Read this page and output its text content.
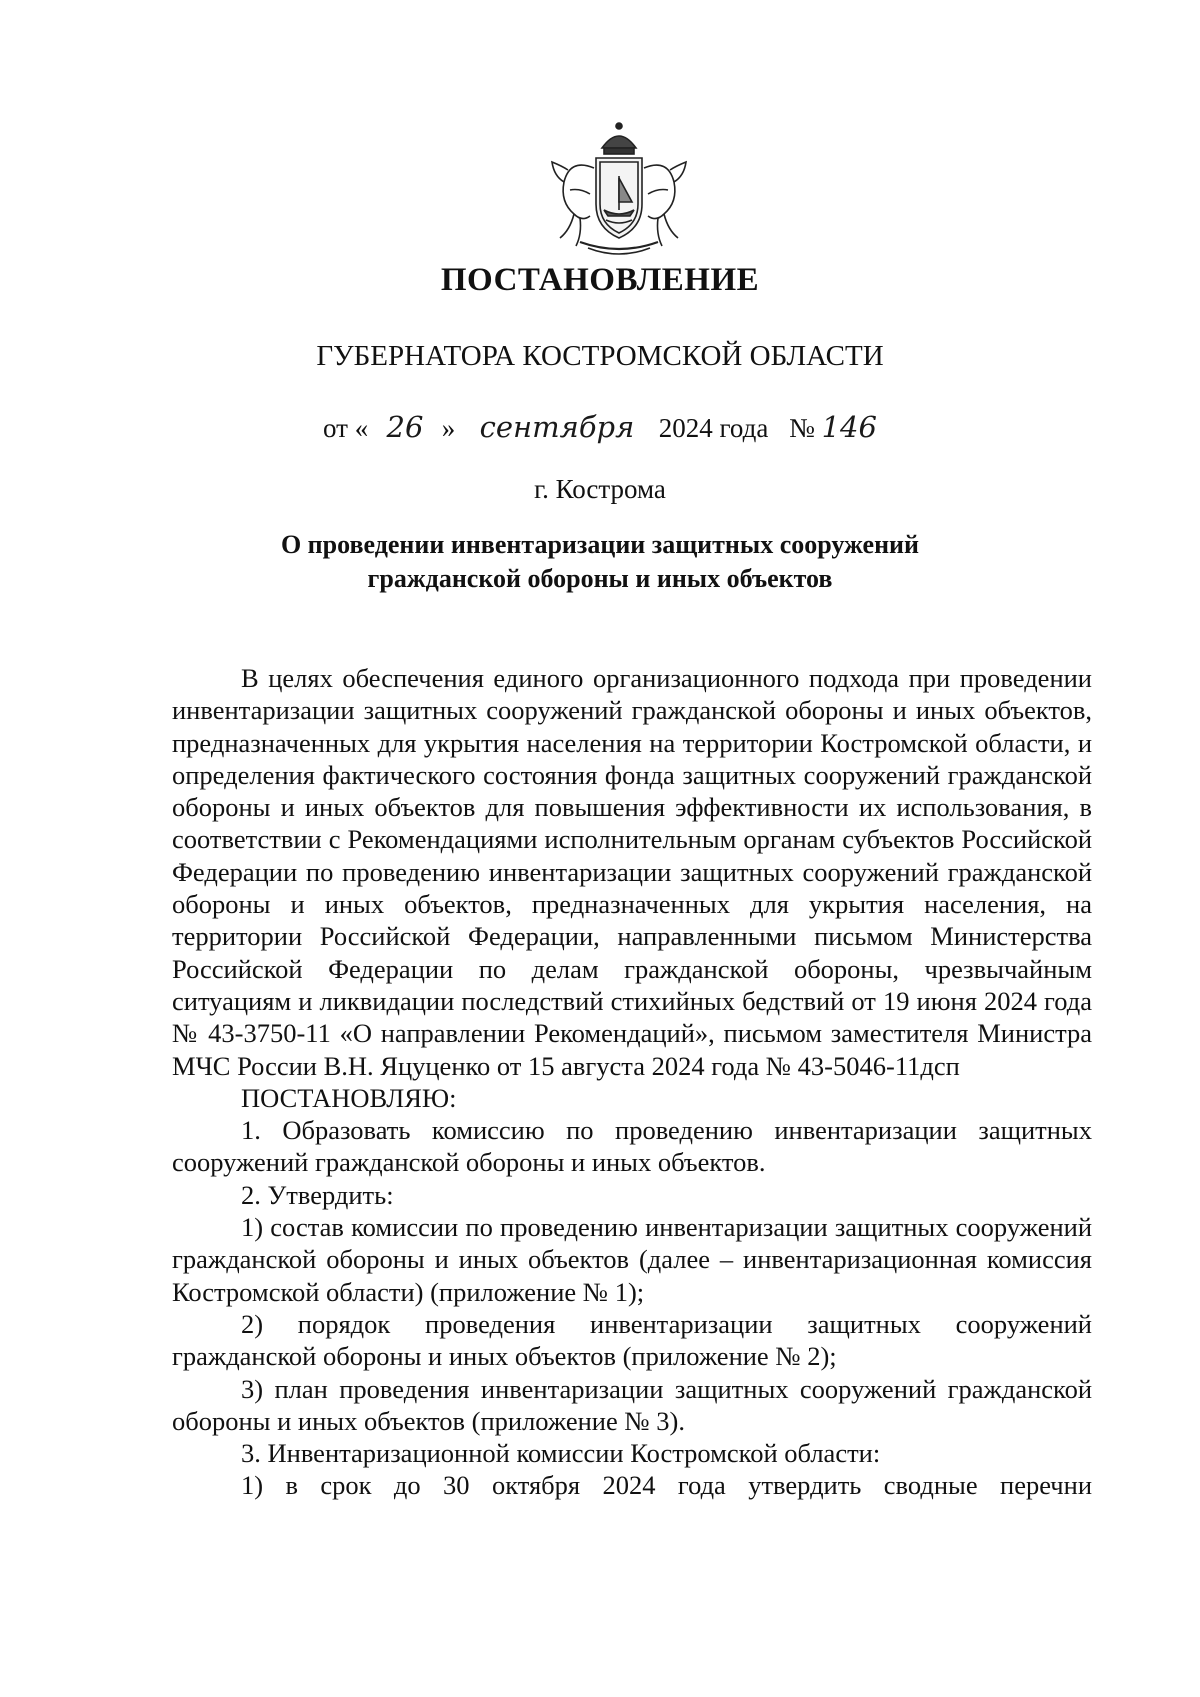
ПОСТАНОВЛЕНИЕ
ГУБЕРНАТОРА КОСТРОМСКОЙ ОБЛАСТИ
от « 26 » сентября 2024 года № 146
г. Кострома
О проведении инвентаризации защитных сооружений
гражданской обороны и иных объектов

В целях обеспечения единого организационного подхода при проведении инвентаризации защитных сооружений гражданской обороны и иных объектов, предназначенных для укрытия населения на территории Костромской области, и определения фактического состояния фонда защитных сооружений гражданской обороны и иных объектов для повышения эффективности их использования, в соответствии с Рекомендациями исполнительным органам субъектов Российской Федерации по проведению инвентаризации защитных сооружений гражданской обороны и иных объектов, предназначенных для укрытия населения, на территории Российской Федерации, направленными письмом Министерства Российской Федерации по делам гражданской обороны, чрезвычайным ситуациям и ликвидации последствий стихийных бедствий от 19 июня 2024 года № 43-3750-11 «О направлении Рекомендаций», письмом заместителя Министра МЧС России В.Н. Яцуценко от 15 августа 2024 года № 43-5046-11дсп

ПОСТАНОВЛЯЮ:

1. Образовать комиссию по проведению инвентаризации защитных сооружений гражданской обороны и иных объектов.

2. Утвердить:

1) состав комиссии по проведению инвентаризации защитных сооружений гражданской обороны и иных объектов (далее – инвентаризационная комиссия Костромской области) (приложение № 1);

2) порядок проведения инвентаризации защитных сооружений гражданской обороны и иных объектов (приложение № 2);

3) план проведения инвентаризации защитных сооружений гражданской обороны и иных объектов (приложение № 3).

3. Инвентаризационной комиссии Костромской области:

1) в срок до 30 октября 2024 года утвердить сводные перечни
